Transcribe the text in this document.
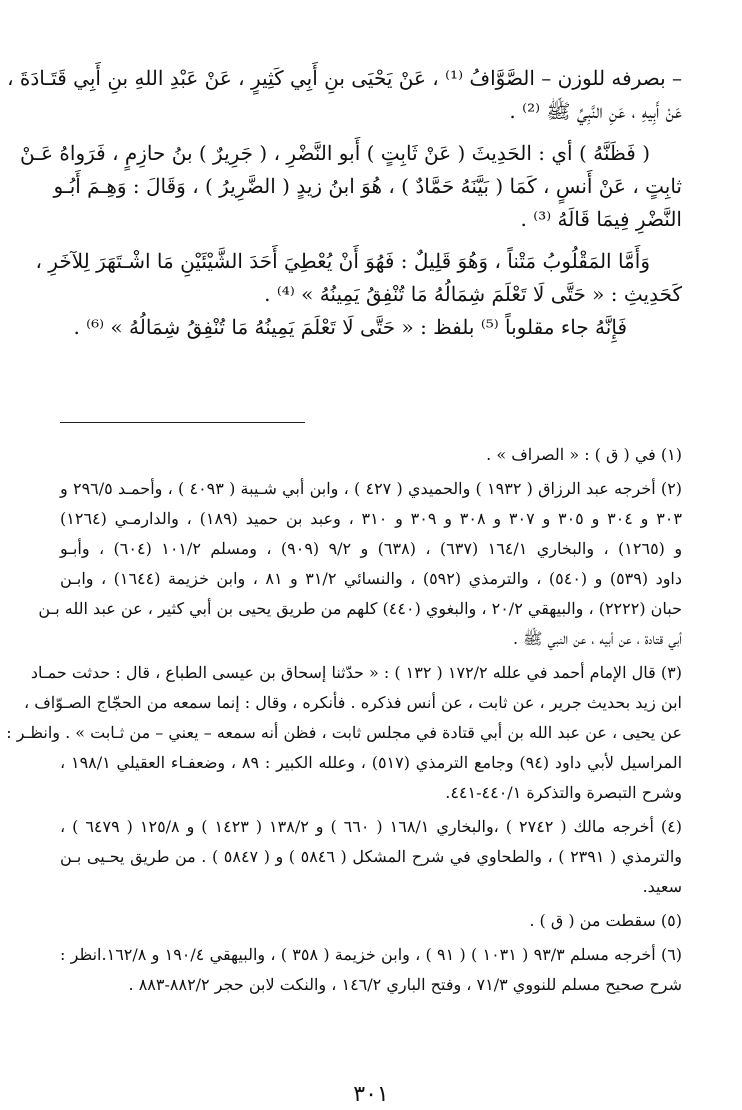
– بصرفه للوزن – الصَّوَّافُ ⁽¹⁾ ، عَنْ يَحْيَى بنِ أَبِي كَثِيرٍ ، عَنْ عَبْدِ اللهِ بنِ أَبِي قَتَـادَةَ ،
عَنْ أَبِيهِ ، عَنِ النَّبِيِّ ﷺ ⁽²⁾ .
( فَظَنَّهُ ) أي : الحَدِيثَ ( عَنْ ثَابِتٍ ) أَبو النَّضْرِ ، ( جَرِيرٌ ) بنُ حازِمٍ ، فَرَواهُ عَـنْ
ثابِتٍ ، عَنْ أَنسٍ ، كَمَا ( بَيَّنَهُ حَمَّادٌ ) ، هُوَ ابنُ زيدٍ ( الضَّرِيرُ ) ، وَقَالَ : وَهِـمَ أَبُـو
النَّضْرِ فِيمَا قَالَهُ ⁽³⁾ .
وَأَمَّا المَقْلُوبُ مَتْناً ، وَهُوَ قَلِيلٌ : فَهُوَ أَنْ يُعْطِيَ أَحَدَ الشَّيْئَيْنِ مَا اشْـتَهَرَ لِلآخَرِ ،
كَحَدِيثِ : « حَتَّى لَا تَعْلَمَ شِمَالُهُ مَا تُنْفِقُ يَمِينُهُ » ⁽⁴⁾ .
فَإِنَّهُ جاء مقلوباً ⁽⁵⁾ بلفظ : « حَتَّى لَا تَعْلَمَ يَمِينُهُ مَا تُنْفِقُ شِمَالُهُ » ⁽⁶⁾ .
(١) في ( ق ) : « الصراف » .
(٢) أخرجه عبد الرزاق ( ١٩٣٢ ) والحميدي ( ٤٢٧ ) ، وابن أبي شـيبة ( ٤٠٩٣ ) ، وأحمـد ٢٩٦/٥ و
٣٠٣ و ٣٠٤ و ٣٠٥ و ٣٠٧ و ٣٠٨ و ٣٠٩ و ٣١٠ ، وعبد بن حميد (١٨٩) ، والدارمـي (١٢٦٤)
و (١٢٦٥) ، والبخاري ١٦٤/١ (٦٣٧) ، (٦٣٨) و ٩/٢ (٩٠٩) ، ومسلم ١٠١/٢ (٦٠٤) ، وأبـو
داود (٥٣٩) و (٥٤٠) ، والترمذي (٥٩٢) ، والنسائي ٣١/٢ و ٨١ ، وابن خزيمة (١٦٤٤) ، وابـن
حبان (٢٢٢٢) ، والبيهقي ٢٠/٢ ، والبغوي (٤٤٠) كلهم من طريق يحيى بن أبي كثير ، عن عبد الله بـن
أبي قتادة ، عن أبيه ، عن النبي ﷺ .
(٣) قال الإمام أحمد في علله ١٧٢/٢ ( ١٣٢ ) : « حدّثنا إسحاق بن عيسى الطباع ، قال : حدثت حمـاد
ابن زيد بحديث جرير ، عن ثابت ، عن أنس فذكره . فأنكره ، وقال : إنما سمعه من الحجّاج الصـوّاف ،
عن يحيى ، عن عبد الله بن أبي قتادة في مجلس ثابت ، فظن أنه سمعه – يعني – من ثـابت » . وانظـر :
المراسيل لأبي داود (٩٤) وجامع الترمذي (٥١٧) ، وعلله الكبير : ٨٩ ، وضعفـاء العقيلي ١٩٨/١ ،
وشرح التبصرة والتذكرة ٤٤٠/١-٤٤١.
(٤) أخرجه مالك ( ٢٧٤٢ ) ،والبخاري ١٦٨/١ ( ٦٦٠ ) و ١٣٨/٢ ( ١٤٢٣ ) و ١٢٥/٨ ( ٦٤٧٩ ) ،
والترمذي ( ٢٣٩١ ) ، والطحاوي في شرح المشكل ( ٥٨٤٦ ) و ( ٥٨٤٧ ) . من طريق يحـيى بـن
سعيد.
(٥) سقطت من ( ق ) .
(٦) أخرجه مسلم ٩٣/٣ ( ١٠٣١ ) ( ٩١ ) ، وابن خزيمة ( ٣٥٨ ) ، والبيهقي ١٩٠/٤ و ١٦٢/٨.انظر :
شرح صحيح مسلم للنووي ٧١/٣ ، وفتح الباري ١٤٦/٢ ، والنكت لابن حجر ٨٨٢/٢-٨٨٣ .
٣٠١
